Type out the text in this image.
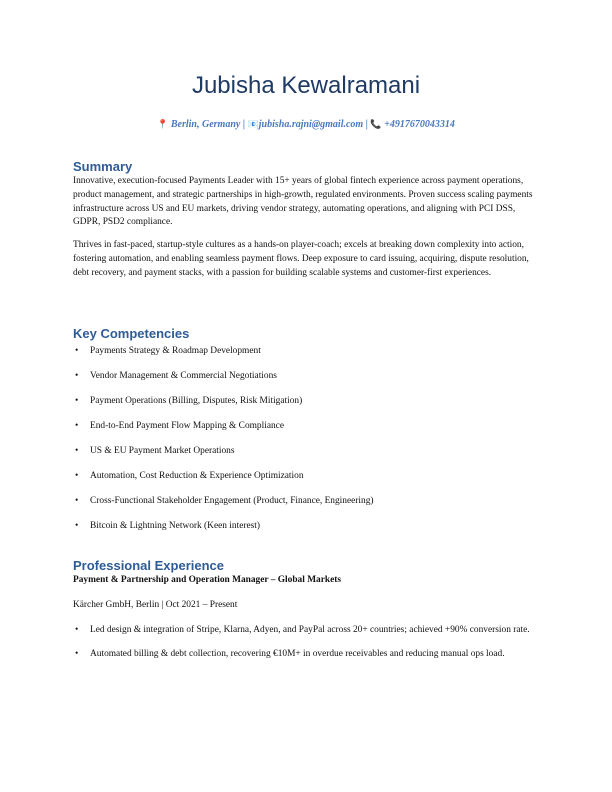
Jubisha Kewalramani
📍 Berlin, Germany | 📧jubisha.rajni@gmail.com | 📞 +4917670043314
Summary

Innovative, execution-focused Payments Leader with 15+ years of global fintech experience across payment operations, product management, and strategic partnerships in high-growth, regulated environments. Proven success scaling payments infrastructure across US and EU markets, driving vendor strategy, automating operations, and aligning with PCI DSS, GDPR, PSD2 compliance.

Thrives in fast-paced, startup-style cultures as a hands-on player-coach; excels at breaking down complexity into action, fostering automation, and enabling seamless payment flows. Deep exposure to card issuing, acquiring, dispute resolution, debt recovery, and payment stacks, with a passion for building scalable systems and customer-first experiences.

Key Competencies
• Payments Strategy & Roadmap Development
• Vendor Management & Commercial Negotiations
• Payment Operations (Billing, Disputes, Risk Mitigation)
• End-to-End Payment Flow Mapping & Compliance
• US & EU Payment Market Operations
• Automation, Cost Reduction & Experience Optimization
• Cross-Functional Stakeholder Engagement (Product, Finance, Engineering)
• Bitcoin & Lightning Network (Keen interest)
Professional Experience

Payment & Partnership and Operation Manager – Global Markets

Kärcher GmbH, Berlin | Oct 2021 – Present

• Led design & integration of Stripe, Klarna, Adyen, and PayPal across 20+ countries; achieved +90% conversion rate.
• Automated billing & debt collection, recovering €10M+ in overdue receivables and reducing manual ops load.
